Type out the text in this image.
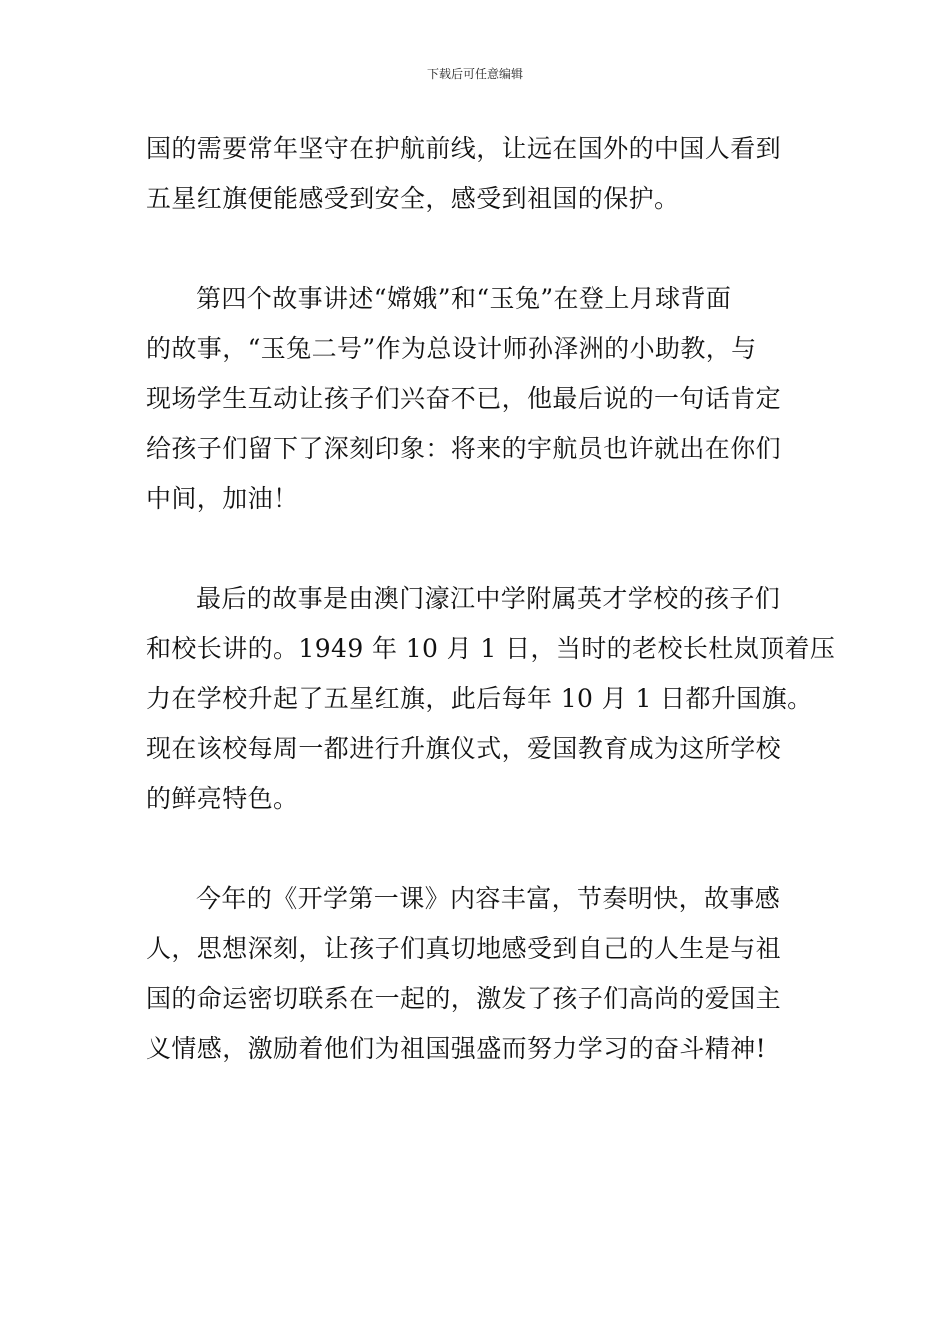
下载后可任意编辑
国的需要常年坚守在护航前线，让远在国外的中国人看到
五星红旗便能感受到安全，感受到祖国的保护。
第四个故事讲述“嫦娥”和“玉兔”在登上月球背面
的故事，“玉兔二号”作为总设计师孙泽洲的小助教，与
现场学生互动让孩子们兴奋不已，他最后说的一句话肯定
给孩子们留下了深刻印象：将来的宇航员也许就出在你们
中间，加油！
最后的故事是由澳门濠江中学附属英才学校的孩子们
和校长讲的。1949 年 10 月 1 日，当时的老校长杜岚顶着压
力在学校升起了五星红旗，此后每年 10 月 1 日都升国旗。
现在该校每周一都进行升旗仪式，爱国教育成为这所学校
的鲜亮特色。
今年的《开学第一课》内容丰富，节奏明快，故事感
人，思想深刻，让孩子们真切地感受到自己的人生是与祖
国的命运密切联系在一起的，激发了孩子们高尚的爱国主
义情感，激励着他们为祖国强盛而努力学习的奋斗精神!
